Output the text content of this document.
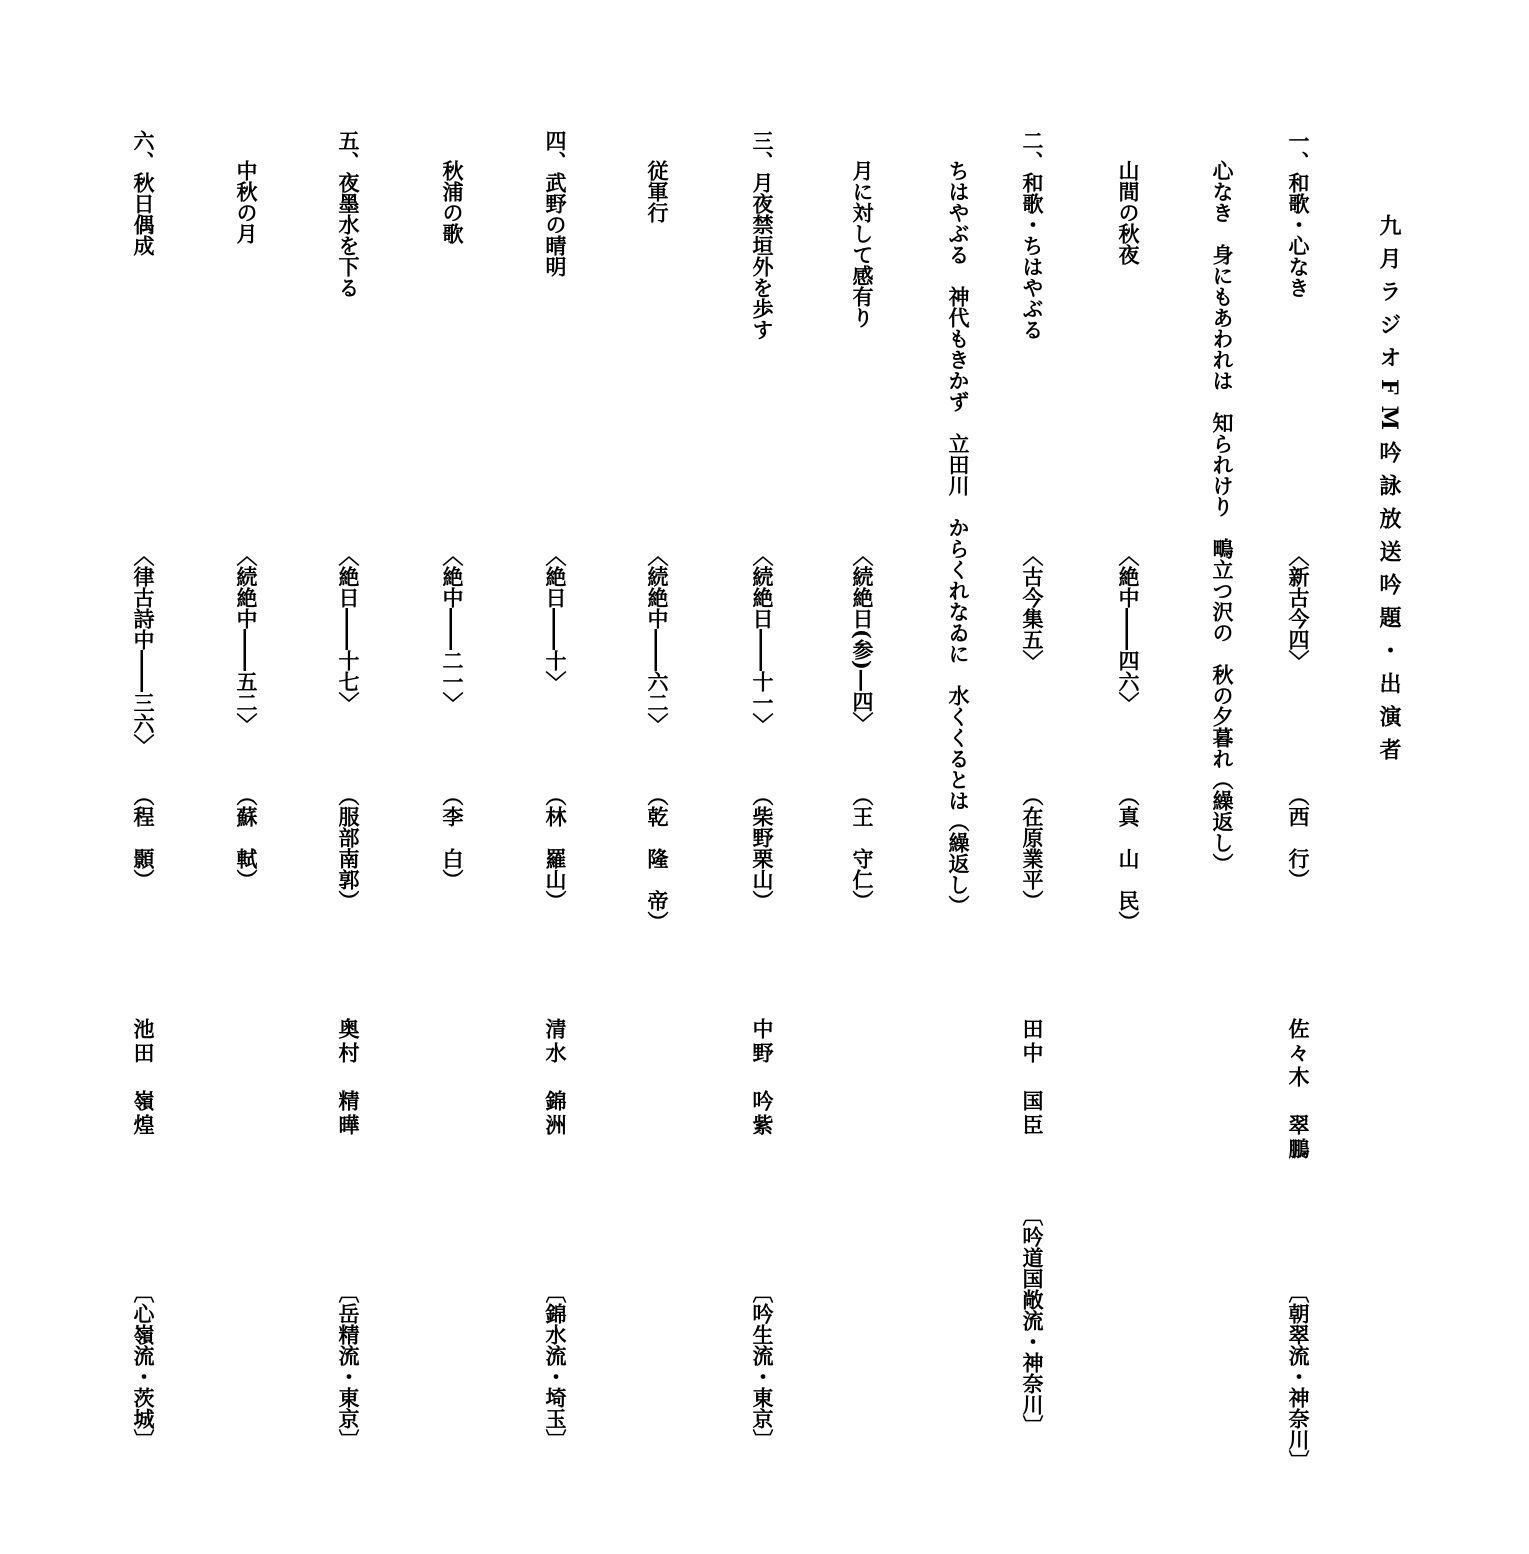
九月ラジオFM吟詠放送吟題・出演者
一、和歌・心なき
〈新古今四〉
（西　行）
佐々木　翠鵬
〔朝翠流・神奈川〕
心なき　身にもあわれは　知られけり　鴫立つ沢の　秋の夕暮れ（繰返し）
山間の秋夜
〈絶中――四六〉
（真　山　民）
二、和歌・ちはやぶる
〈古今集五〉
（在原業平）
田中　国臣
〔吟道国敞流・神奈川〕
ちはやぶる　神代もきかず　立田川　からくれなゐに　水くくるとは（繰返し）
月に対して感有り
〈続絶日(参)―四〉
（王　守仁）
三、月夜禁垣外を歩す
〈続絶日――十一〉
（柴野栗山）
中野　吟紫
〔吟生流・東京〕
従軍行
〈続絶中――六二〉
（乾　隆　帝）
四、武野の晴明
〈絶日――十〉
（林　羅山）
清水　錦洲
〔錦水流・埼玉〕
秋浦の歌
〈絶中――二一〉
（李　白）
五、夜墨水を下る
〈絶日――十七〉
（服部南郭）
奥村　精曄
〔岳精流・東京〕
中秋の月
〈続絶中――五二〉
（蘇　軾）
六、秋日偶成
〈律古詩中――三六〉
（程　顥）
池田　嶺煌
〔心嶺流・茨城〕
